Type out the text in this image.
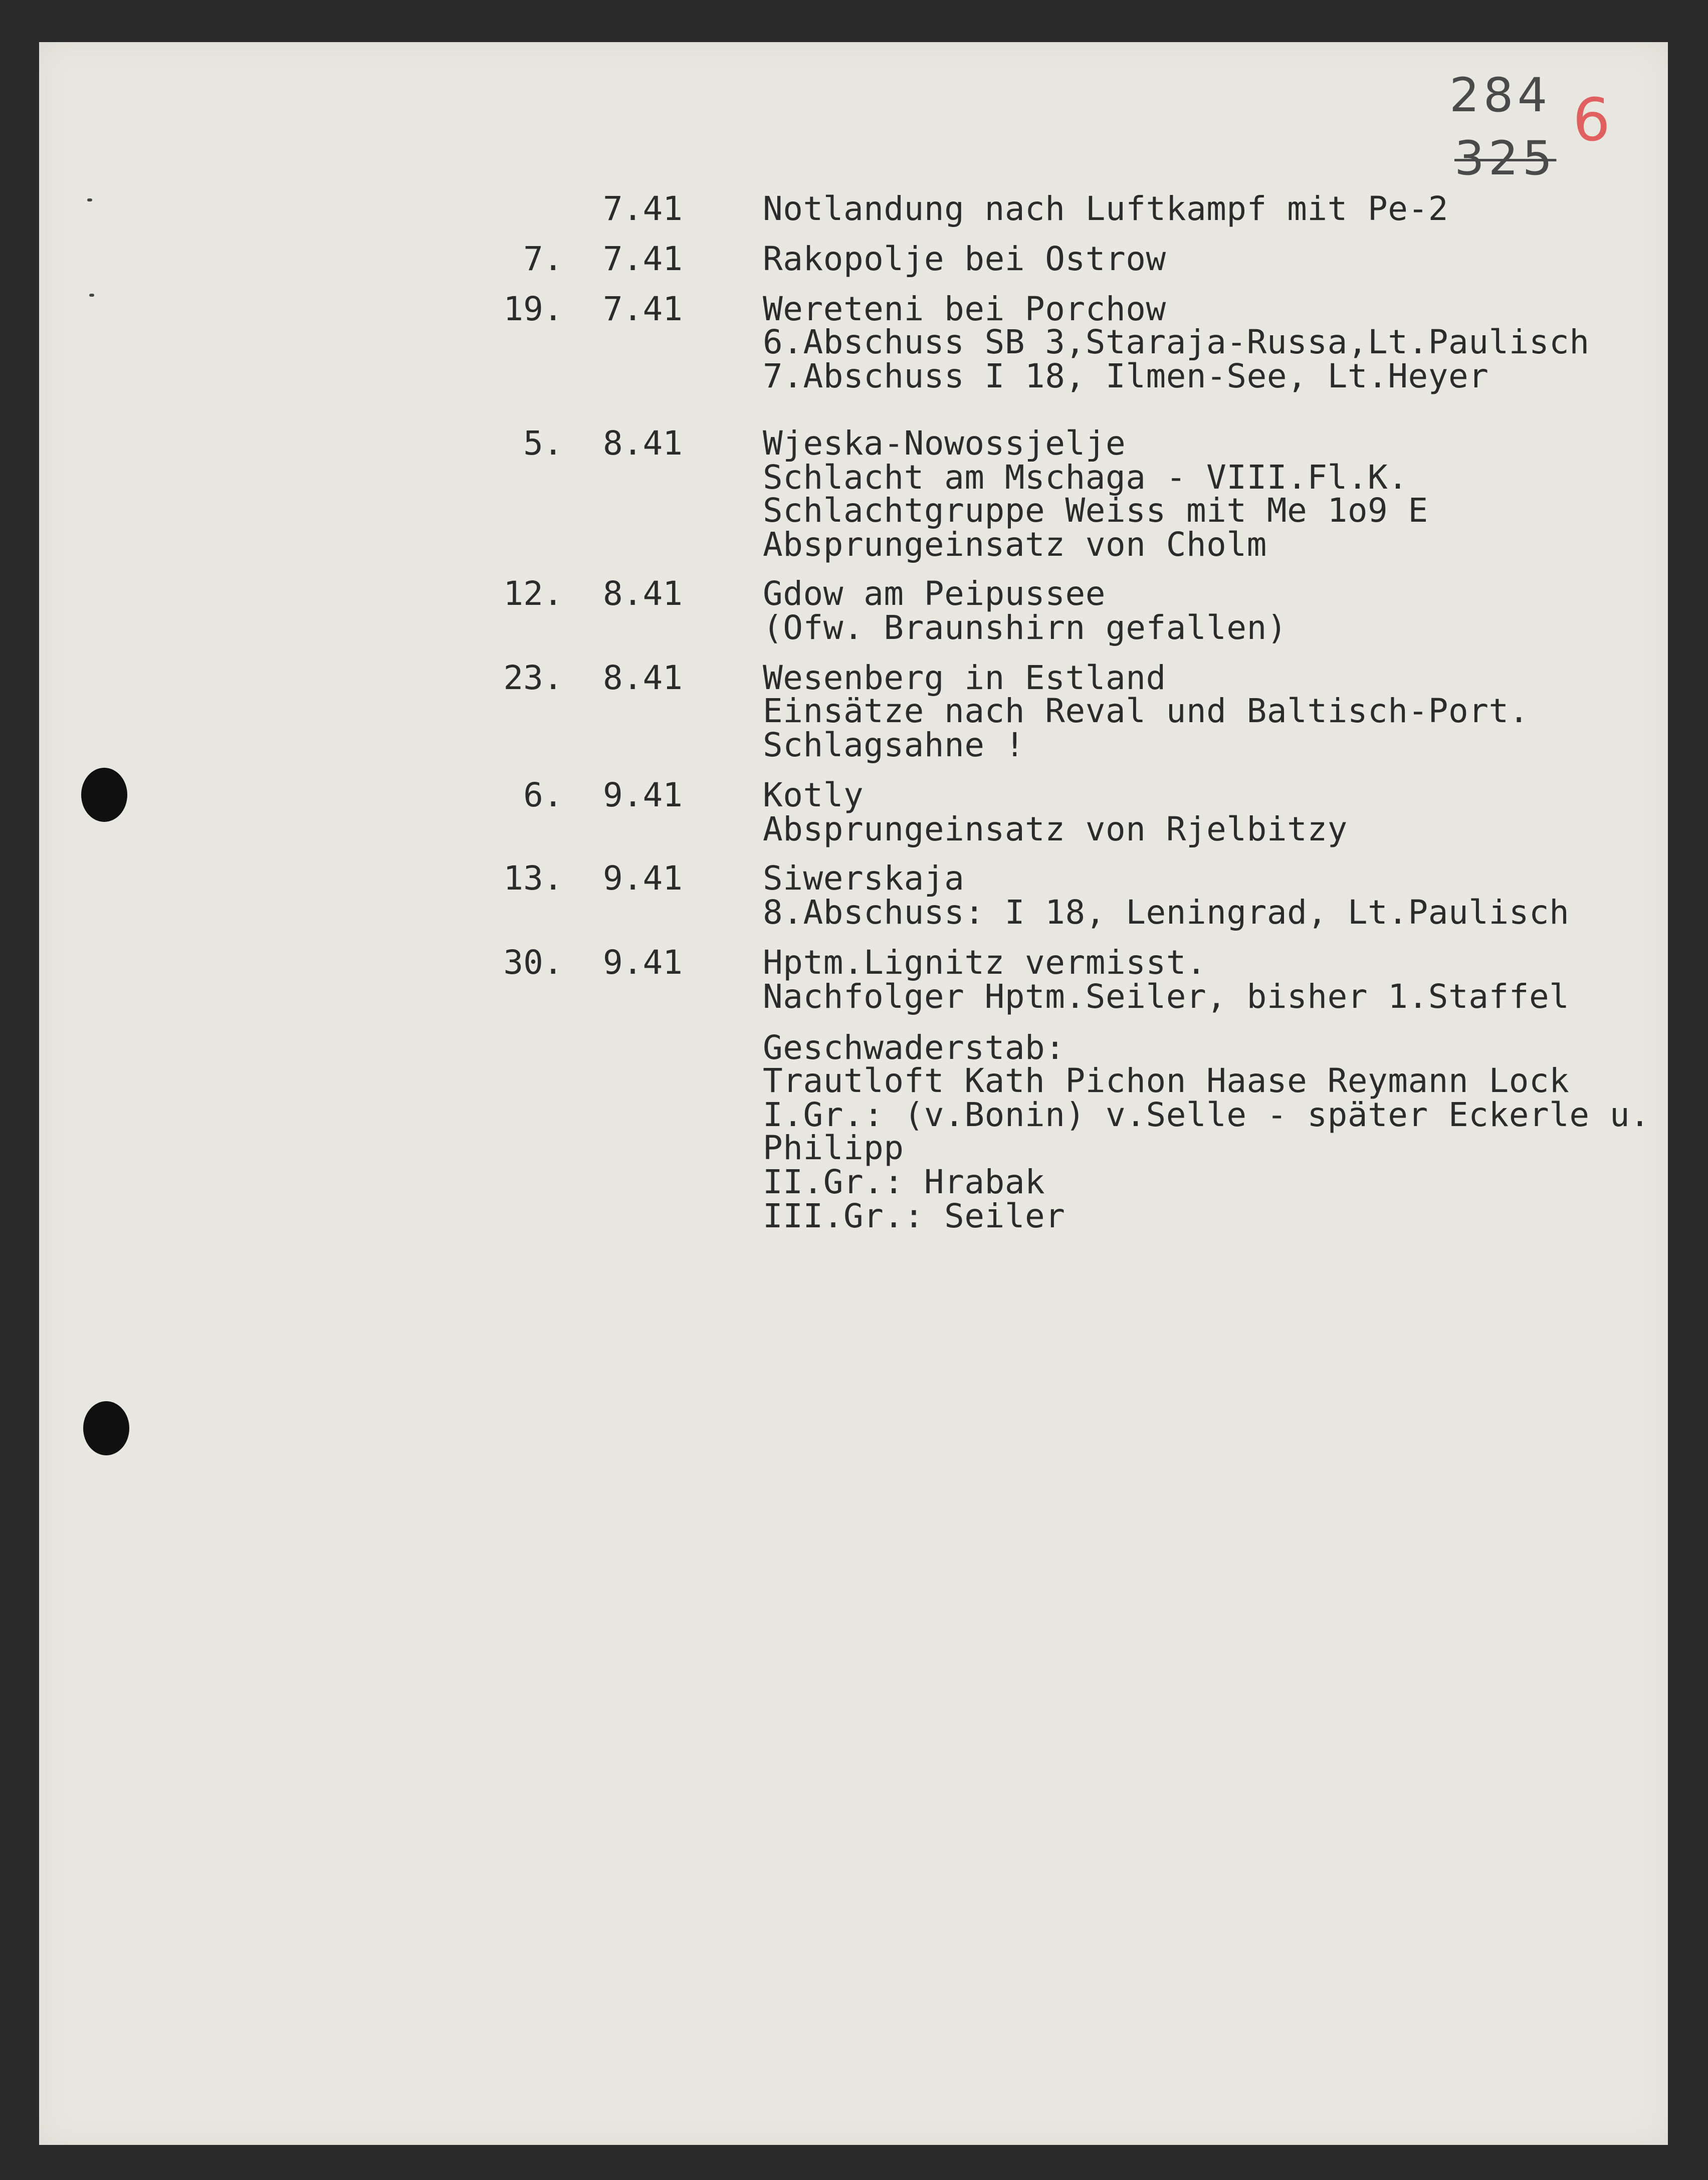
284
325
6
7.41 Notlandung nach Luftkampf mit Pe-2
7.  7.41 Rakopolje bei Ostrow
19.  7.41 Wereteni bei Porchow
6.Abschuss SB 3,Staraja-Russa,Lt.Paulisch
7.Abschuss I 18, Ilmen-See, Lt.Heyer
5.  8.41 Wjeska-Nowossjelje
Schlacht am Mschaga - VIII.Fl.K.
Schlachtgruppe Weiss mit Me 1o9 E
Absprungeinsatz von Cholm
12.  8.41 Gdow am Peipussee
(Ofw. Braunshirn gefallen)
23.  8.41 Wesenberg in Estland
Einsätze nach Reval und Baltisch-Port.
Schlagsahne !
6.  9.41 Kotly
Absprungeinsatz von Rjelbitzy
13.  9.41 Siwerskaja
8.Abschuss: I 18, Leningrad, Lt.Paulisch
30.  9.41 Hptm.Lignitz vermisst.
Nachfolger Hptm.Seiler, bisher 1.Staffel
Geschwaderstab:
Trautloft Kath Pichon Haase Reymann Lock
I.Gr.: (v.Bonin) v.Selle - später Eckerle u.
Philipp
II.Gr.: Hrabak
III.Gr.: Seiler
